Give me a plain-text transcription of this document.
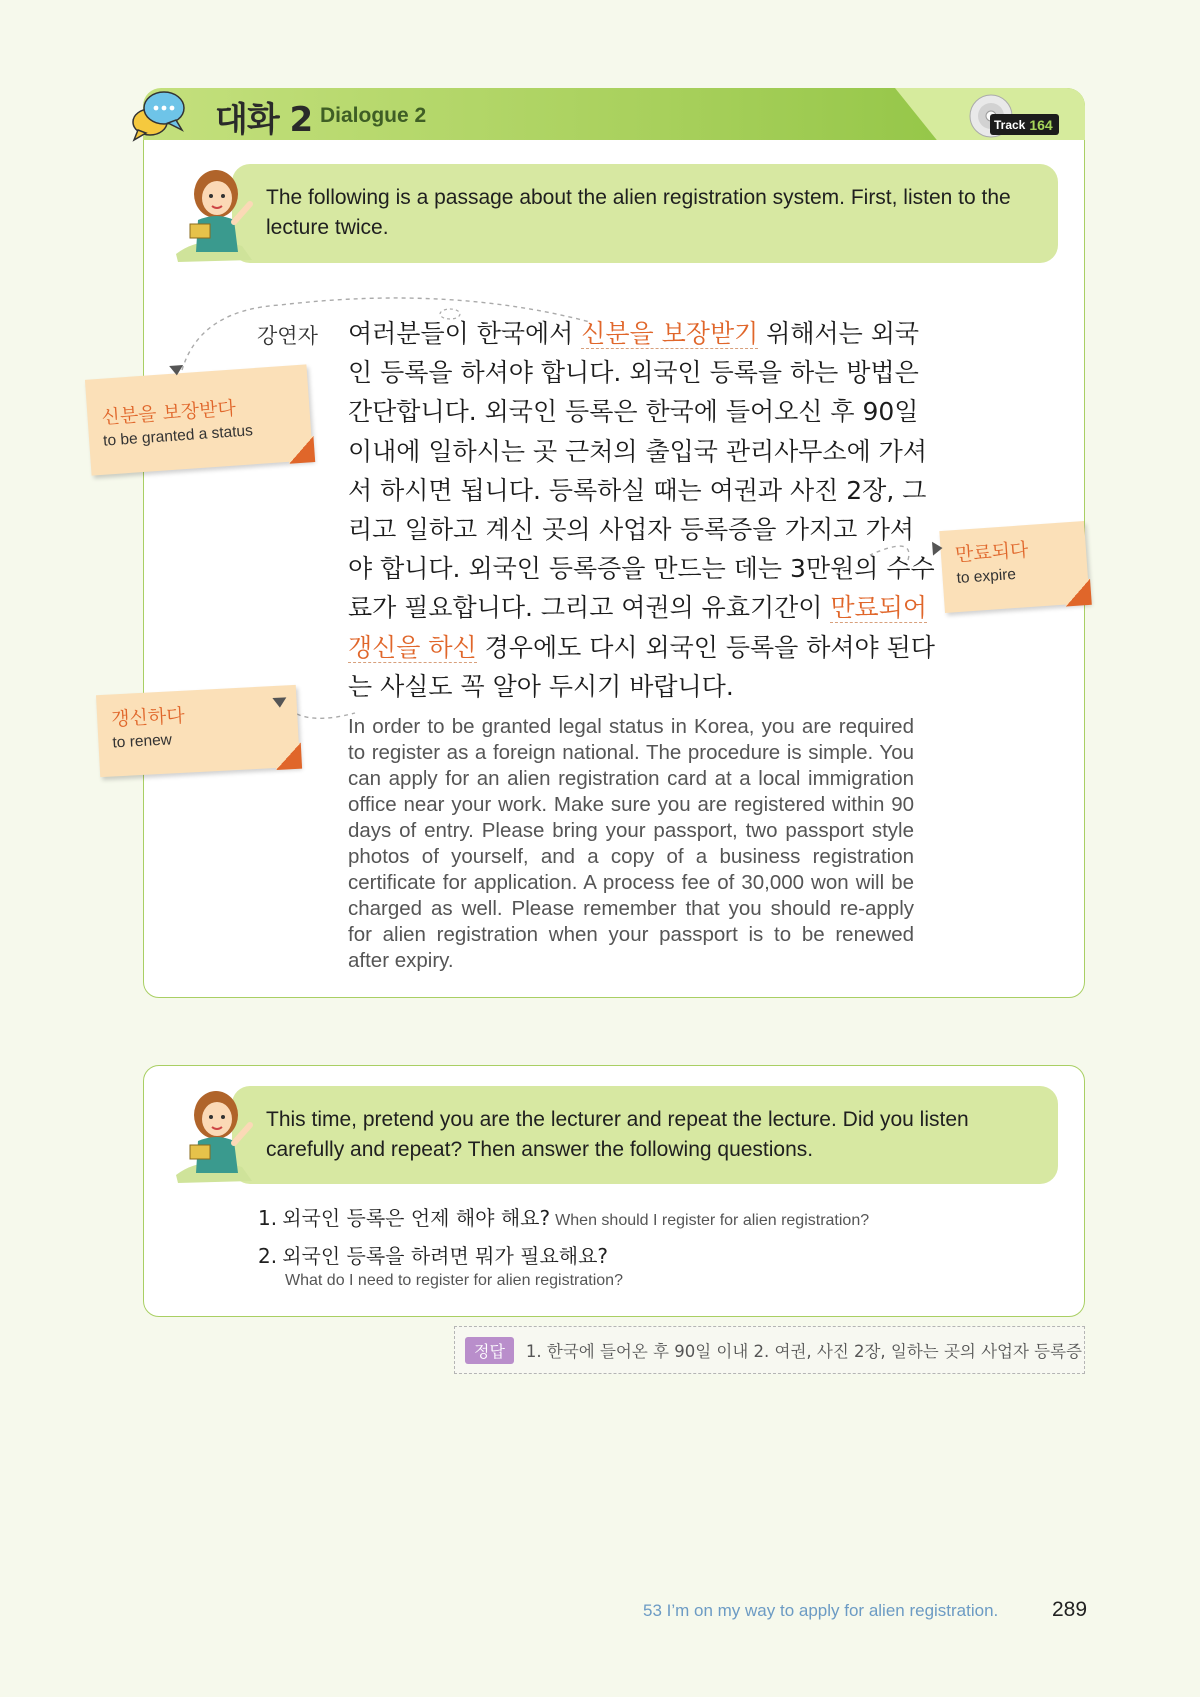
대화 2 Dialogue 2	Track 164
The following is a passage about the alien registration system. First, listen to the lecture twice.
강연자 여러분들이 한국에서 신분을 보장받기 위해서는 외국
인 등록을 하셔야 합니다. 외국인 등록을 하는 방법은
간단합니다. 외국인 등록은 한국에 들어오신 후 90일
이내에 일하시는 곳 근처의 출입국 관리사무소에 가셔
서 하시면 됩니다. 등록하실 때는 여권과 사진 2장, 그
리고 일하고 계신 곳의 사업자 등록증을 가지고 가셔
야 합니다. 외국인 등록증을 만드는 데는 3만원의 수수
료가 필요합니다. 그리고 여권의 유효기간이 만료되어
갱신을 하신 경우에도 다시 외국인 등록을 하셔야 된다
는 사실도 꼭 알아 두시기 바랍니다.
In order to be granted legal status in Korea, you are required to register as a foreign national. The procedure is simple. You can apply for an alien registration card at a local immigration office near your work. Make sure you are registered within 90 days of entry. Please bring your passport, two passport style photos of yourself, and a copy of a business registration certificate for application. A process fee of 30,000 won will be charged as well. Please remember that you should re-apply for alien registration when your passport is to be renewed after expiry.
신분을 보장받다
to be granted a status
만료되다
to expire
갱신하다
to renew
This time, pretend you are the lecturer and repeat the lecture. Did you listen carefully and repeat? Then answer the following questions.
1. 외국인 등록은 언제 해야 해요? When should I register for alien registration?
2. 외국인 등록을 하려면 뭐가 필요해요?
What do I need to register for alien registration?
정답	1. 한국에 들어온 후 90일 이내 2. 여권, 사진 2장, 일하는 곳의 사업자 등록증
53 I’m on my way to apply for alien registration.	289
